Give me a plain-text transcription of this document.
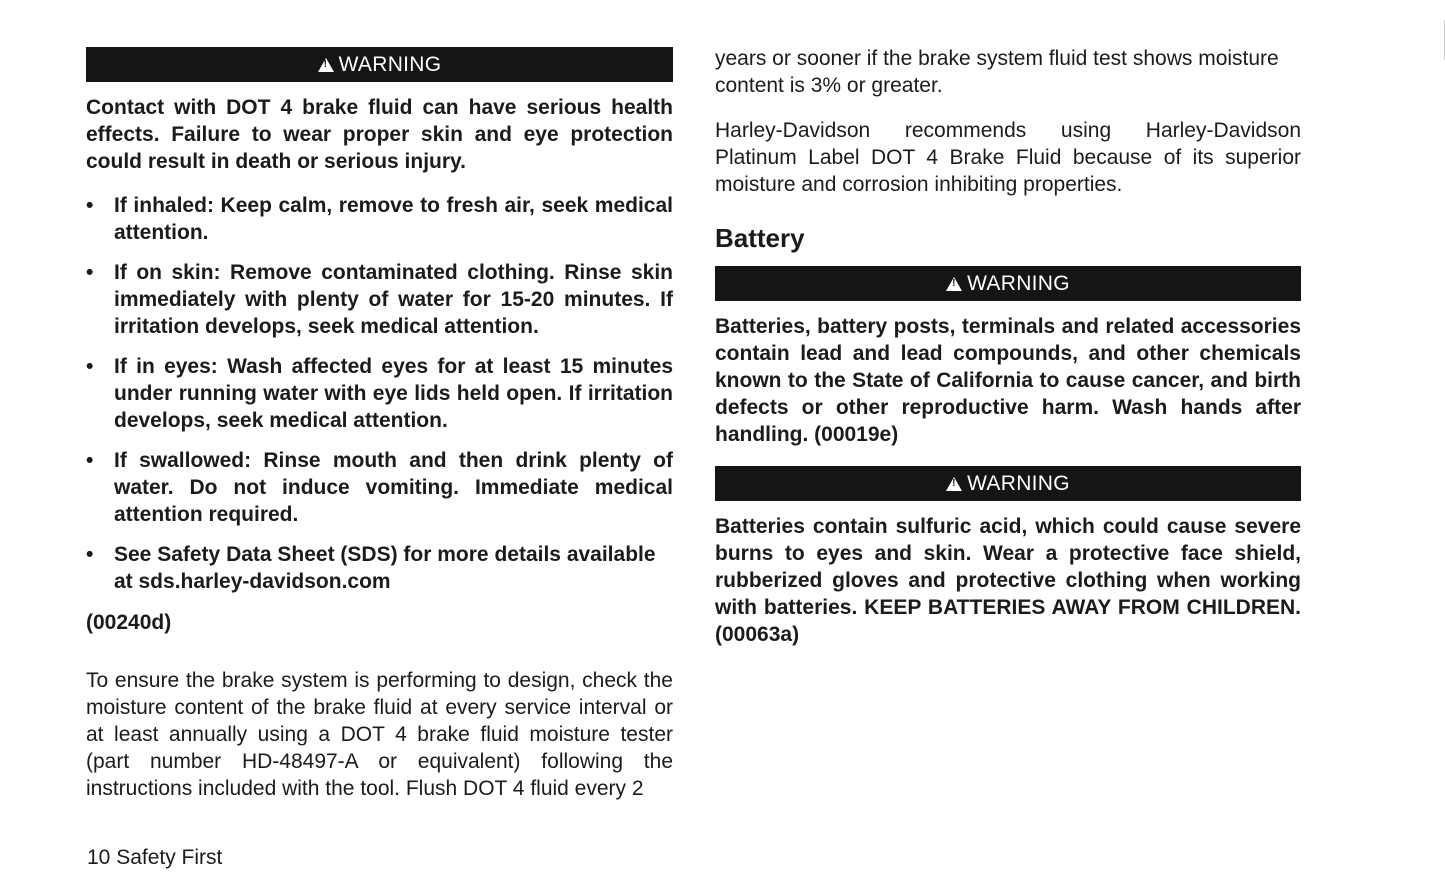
!WARNING

Contact with DOT 4 brake fluid can have serious health effects. Failure to wear proper skin and eye protection could result in death or serious injury.

• If inhaled: Keep calm, remove to fresh air, seek medical attention.
• If on skin: Remove contaminated clothing. Rinse skin immediately with plenty of water for 15-20 minutes. If irritation develops, seek medical attention.
• If in eyes: Wash affected eyes for at least 15 minutes under running water with eye lids held open. If irritation develops, seek medical attention.
• If swallowed: Rinse mouth and then drink plenty of water. Do not induce vomiting. Immediate medical attention required.
• See Safety Data Sheet (SDS) for more details available at sds.harley-davidson.com

(00240d)

To ensure the brake system is performing to design, check the moisture content of the brake fluid at every service interval or at least annually using a DOT 4 brake fluid moisture tester (part number HD-48497-A or equivalent) following the instructions included with the tool. Flush DOT 4 fluid every 2

years or sooner if the brake system fluid test shows moisture content is 3% or greater.

Harley-Davidson recommends using Harley-Davidson Platinum Label DOT 4 Brake Fluid because of its superior moisture and corrosion inhibiting properties.

Battery
!WARNING

Batteries, battery posts, terminals and related accessories contain lead and lead compounds, and other chemicals known to the State of California to cause cancer, and birth defects or other reproductive harm. Wash hands after handling. (00019e)

!WARNING

Batteries contain sulfuric acid, which could cause severe burns to eyes and skin. Wear a protective face shield, rubberized gloves and protective clothing when working with batteries. KEEP BATTERIES AWAY FROM CHILDREN. (00063a)

10 Safety First
